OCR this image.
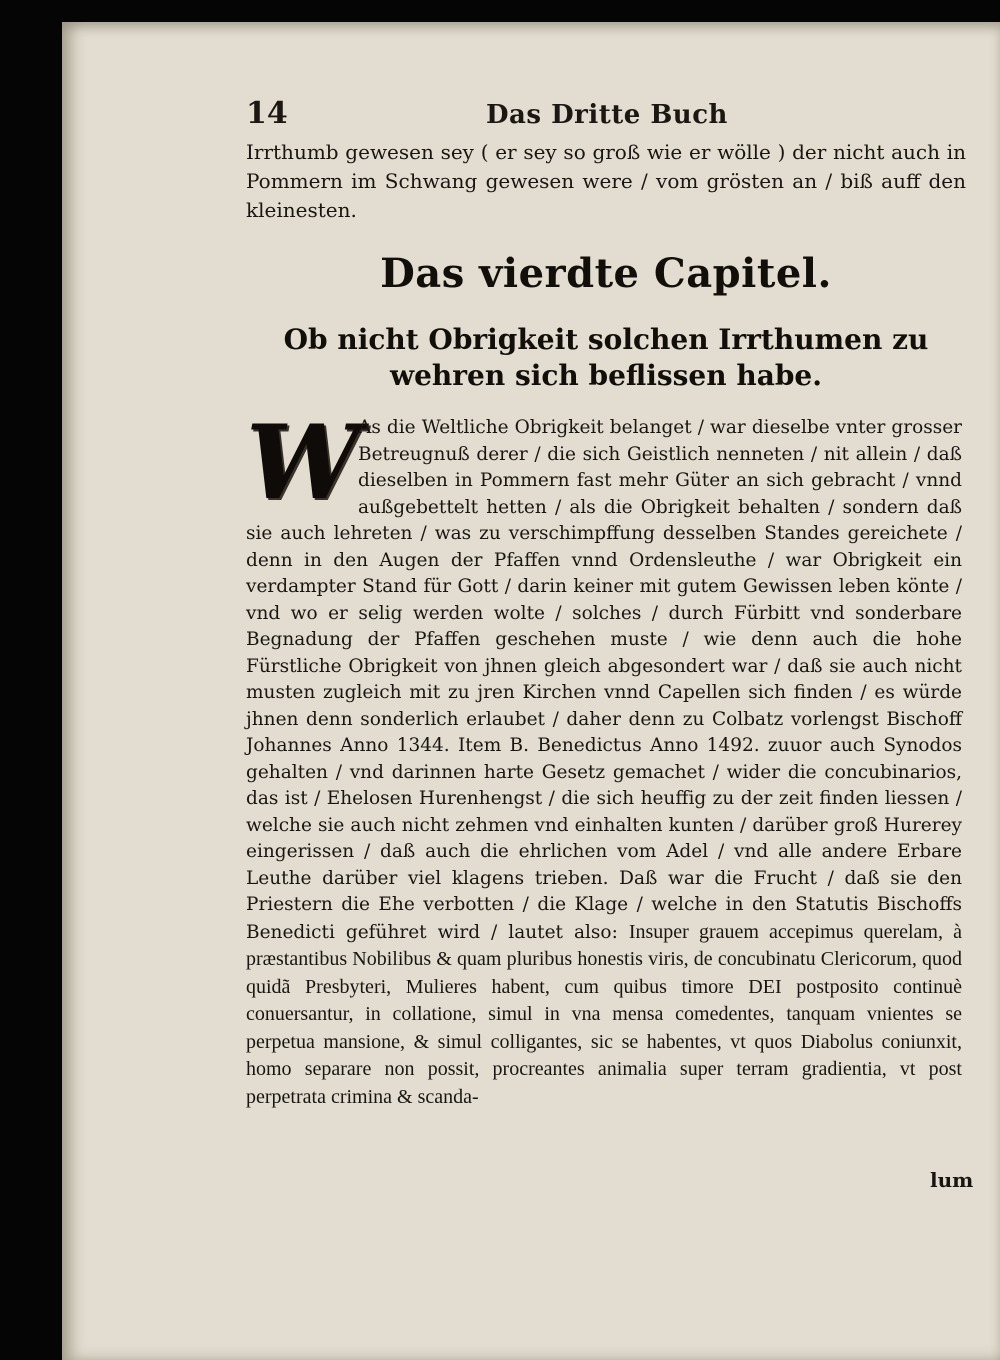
14	Das Dritte Buch
Irrthumb gewesen sey ( er sey so groß wie er wölle ) der nicht auch in Pommern im Schwang gewesen were / vom grösten an / biß auff den kleinesten.
Das vierdte Capitel.
Ob nicht Obrigkeit solchen Irrthumen zu wehren sich beflissen habe.
W
As die Weltliche Obrigkeit belanget / war dieselbe vnter grosser Betreugnuß derer / die sich Geistlich nenneten / nit allein / daß dieselben in Pommern fast mehr Güter an sich gebracht / vnnd außgebettelt hetten / als die Obrigkeit behalten / sondern daß sie auch lehreten / was zu verschimpffung desselben Standes gereichete / denn in den Augen der Pfaffen vnnd Ordensleuthe / war Obrigkeit ein verdampter Stand für Gott / darin keiner mit gutem Gewissen leben könte / vnd wo er selig werden wolte / solches / durch Fürbitt vnd sonderbare Begnadung der Pfaffen geschehen muste / wie denn auch die hohe Fürstliche Obrigkeit von jhnen gleich abgesondert war / daß sie auch nicht musten zugleich mit zu jren Kirchen vnnd Capellen sich finden / es würde jhnen denn sonderlich erlaubet / daher denn zu Colbatz vorlengst Bischoff Johannes Anno 1344. Item B. Benedictus Anno 1492. zuuor auch Synodos gehalten / vnd darinnen harte Gesetz gemachet / wider die concubinarios, das ist / Ehelosen Hurenhengst / die sich heuffig zu der zeit finden liessen / welche sie auch nicht zehmen vnd einhalten kunten / darüber groß Hurerey eingerissen / daß auch die ehrlichen vom Adel / vnd alle andere Erbare Leuthe darüber viel klagens trieben. Daß war die Frucht / daß sie den Priestern die Ehe verbotten / die Klage / welche in den Statutis Bischoffs Benedicti geführet wird / lautet also: Insuper grauem accepimus querelam, à præstantibus Nobilibus & quam pluribus honestis viris, de concubinatu Clericorum, quod quidã Presbyteri, Mulieres habent, cum quibus timore DEI postposito continuè conuersantur, in collatione, simul in vna mensa comedentes, tanquam vnientes se perpetua mansione, & simul colligantes, sic se habentes, vt quos Diabolus coniunxit, homo separare non possit, procreantes animalia super terram gradientia, vt post perpetrata crimina & scanda-
lum
